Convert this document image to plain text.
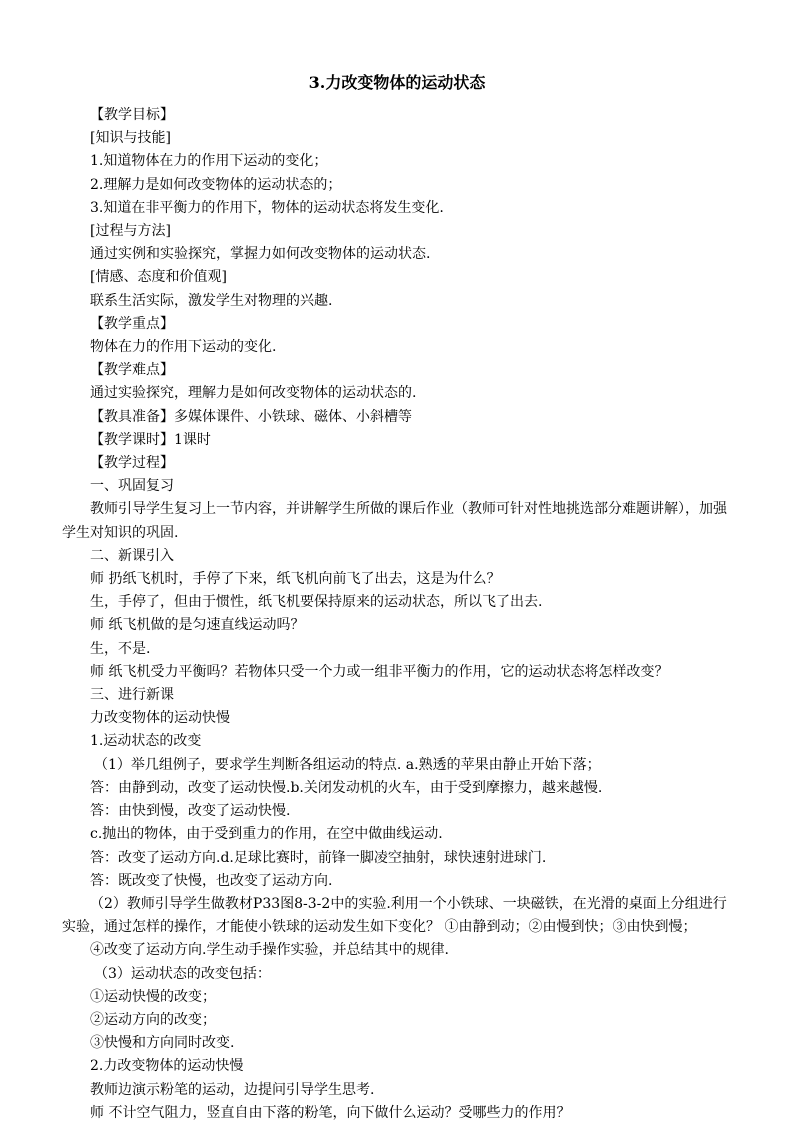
3.力改变物体的运动状态
【教学目标】
[知识与技能]
1.知道物体在力的作用下运动的变化；
2.理解力是如何改变物体的运动状态的；
3.知道在非平衡力的作用下，物体的运动状态将发生变化.
[过程与方法]
通过实例和实验探究，掌握力如何改变物体的运动状态.
[情感、态度和价值观]
联系生活实际，激发学生对物理的兴趣.
【教学重点】
物体在力的作用下运动的变化.
【教学难点】
通过实验探究，理解力是如何改变物体的运动状态的.
【教具准备】多媒体课件、小铁球、磁体、小斜槽等
【教学课时】1课时
【教学过程】
一、巩固复习
教师引导学生复习上一节内容，并讲解学生所做的课后作业（教师可针对性地挑选部分难题讲解），加强学生对知识的巩固.
二、新课引入
师 扔纸飞机时，手停了下来，纸飞机向前飞了出去，这是为什么？
生，手停了，但由于惯性，纸飞机要保持原来的运动状态，所以飞了出去.
师 纸飞机做的是匀速直线运动吗？
生，不是.
师 纸飞机受力平衡吗？若物体只受一个力或一组非平衡力的作用，它的运动状态将怎样改变？
三、进行新课
力改变物体的运动快慢
1.运动状态的改变
（1）举几组例子，要求学生判断各组运动的特点. a.熟透的苹果由静止开始下落；
答：由静到动，改变了运动快慢.b.关闭发动机的火车，由于受到摩擦力，越来越慢.
答：由快到慢，改变了运动快慢.
c.抛出的物体，由于受到重力的作用，在空中做曲线运动.
答：改变了运动方向.d.足球比赛时，前锋一脚凌空抽射，球快速射进球门.
答：既改变了快慢，也改变了运动方向.
（2）教师引导学生做教材P33图8-3-2中的实验.利用一个小铁球、一块磁铁，在光滑的桌面上分组进行实验，通过怎样的操作，才能使小铁球的运动发生如下变化？ ①由静到动；②由慢到快；③由快到慢；
④改变了运动方向.学生动手操作实验，并总结其中的规律.
（3）运动状态的改变包括：
①运动快慢的改变；
②运动方向的改变；
③快慢和方向同时改变.
2.力改变物体的运动快慢
教师边演示粉笔的运动，边提问引导学生思考.
师 不计空气阻力，竖直自由下落的粉笔，向下做什么运动？受哪些力的作用？
